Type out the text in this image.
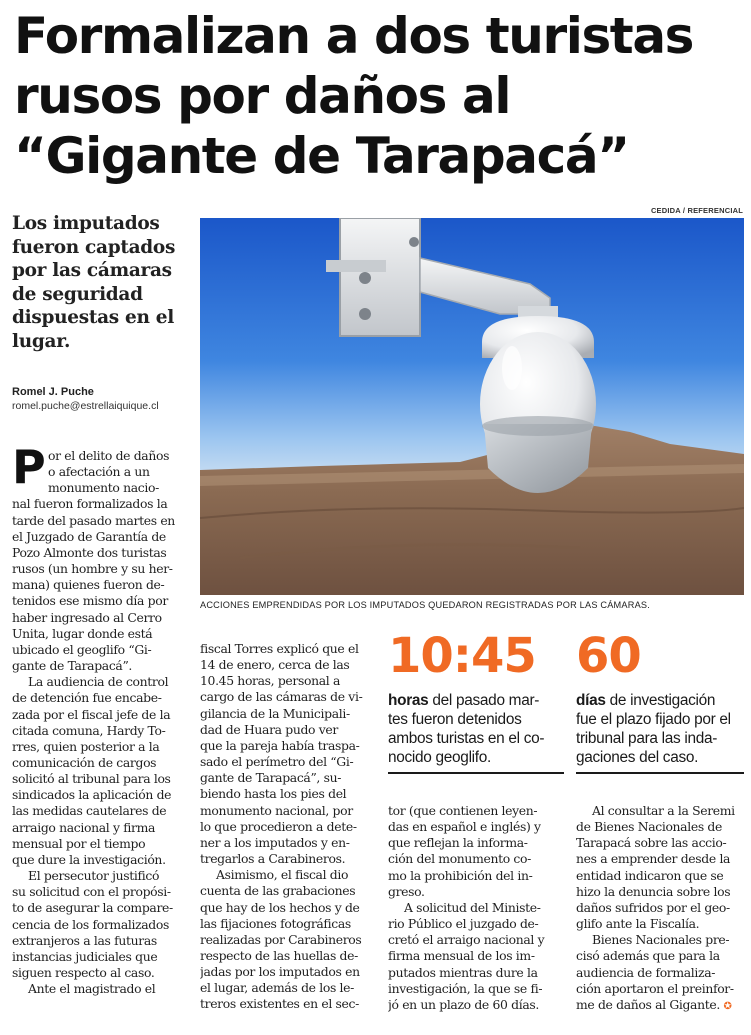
Formalizan a dos turistas
rusos por daños al
“Gigante de Tarapacá”
Los imputados
fueron captados
por las cámaras
de seguridad
dispuestas en el
lugar.
Romel J. Puche
romel.puche@estrellaiquique.cl
CEDIDA / REFERENCIAL
ACCIONES EMPRENDIDAS POR LOS IMPUTADOS QUEDARON REGISTRADAS POR LAS CÁMARAS.
P or el delito de daños
o afectación a un
monumento nacio-
nal fueron formalizados la
tarde del pasado martes en
el Juzgado de Garantía de
Pozo Almonte dos turistas
rusos (un hombre y su her-
mana) quienes fueron de-
tenidos ese mismo día por
haber ingresado al Cerro
Unita, lugar donde está
ubicado el geoglifo “Gi-
gante de Tarapacá”.
La audiencia de control
de detención fue encabe-
zada por el fiscal jefe de la
citada comuna, Hardy To-
rres, quien posterior a la
comunicación de cargos
solicitó al tribunal para los
sindicados la aplicación de
las medidas cautelares de
arraigo nacional y firma
mensual por el tiempo
que dure la investigación.
El persecutor justificó
su solicitud con el propósi-
to de asegurar la compare-
cencia de los formalizados
extranjeros a las futuras
instancias judiciales que
siguen respecto al caso.
Ante el magistrado el
fiscal Torres explicó que el
14 de enero, cerca de las
10.45 horas, personal a
cargo de las cámaras de vi-
gilancia de la Municipali-
dad de Huara pudo ver
que la pareja había traspa-
sado el perímetro del “Gi-
gante de Tarapacá”, su-
biendo hasta los pies del
monumento nacional, por
lo que procedieron a dete-
ner a los imputados y en-
tregarlos a Carabineros.
Asimismo, el fiscal dio
cuenta de las grabaciones
que hay de los hechos y de
las fijaciones fotográficas
realizadas por Carabineros
respecto de las huellas de-
jadas por los imputados en
el lugar, además de los le-
treros existentes en el sec-
10:45
horas del pasado mar-
tes fueron detenidos
ambos turistas en el co-
nocido geoglifo.
60
días de investigación
fue el plazo fijado por el
tribunal para las inda-
gaciones del caso.
tor (que contienen leyen-
das en español e inglés) y
que reflejan la informa-
ción del monumento co-
mo la prohibición del in-
greso.
A solicitud del Ministe-
rio Público el juzgado de-
cretó el arraigo nacional y
firma mensual de los im-
putados mientras dure la
investigación, la que se fi-
jó en un plazo de 60 días.
Al consultar a la Seremi
de Bienes Nacionales de
Tarapacá sobre las accio-
nes a emprender desde la
entidad indicaron que se
hizo la denuncia sobre los
daños sufridos por el geo-
glifo ante la Fiscalía.
Bienes Nacionales pre-
cisó además que para la
audiencia de formaliza-
ción aportaron el preinfor-
me de daños al Gigante. ✪
